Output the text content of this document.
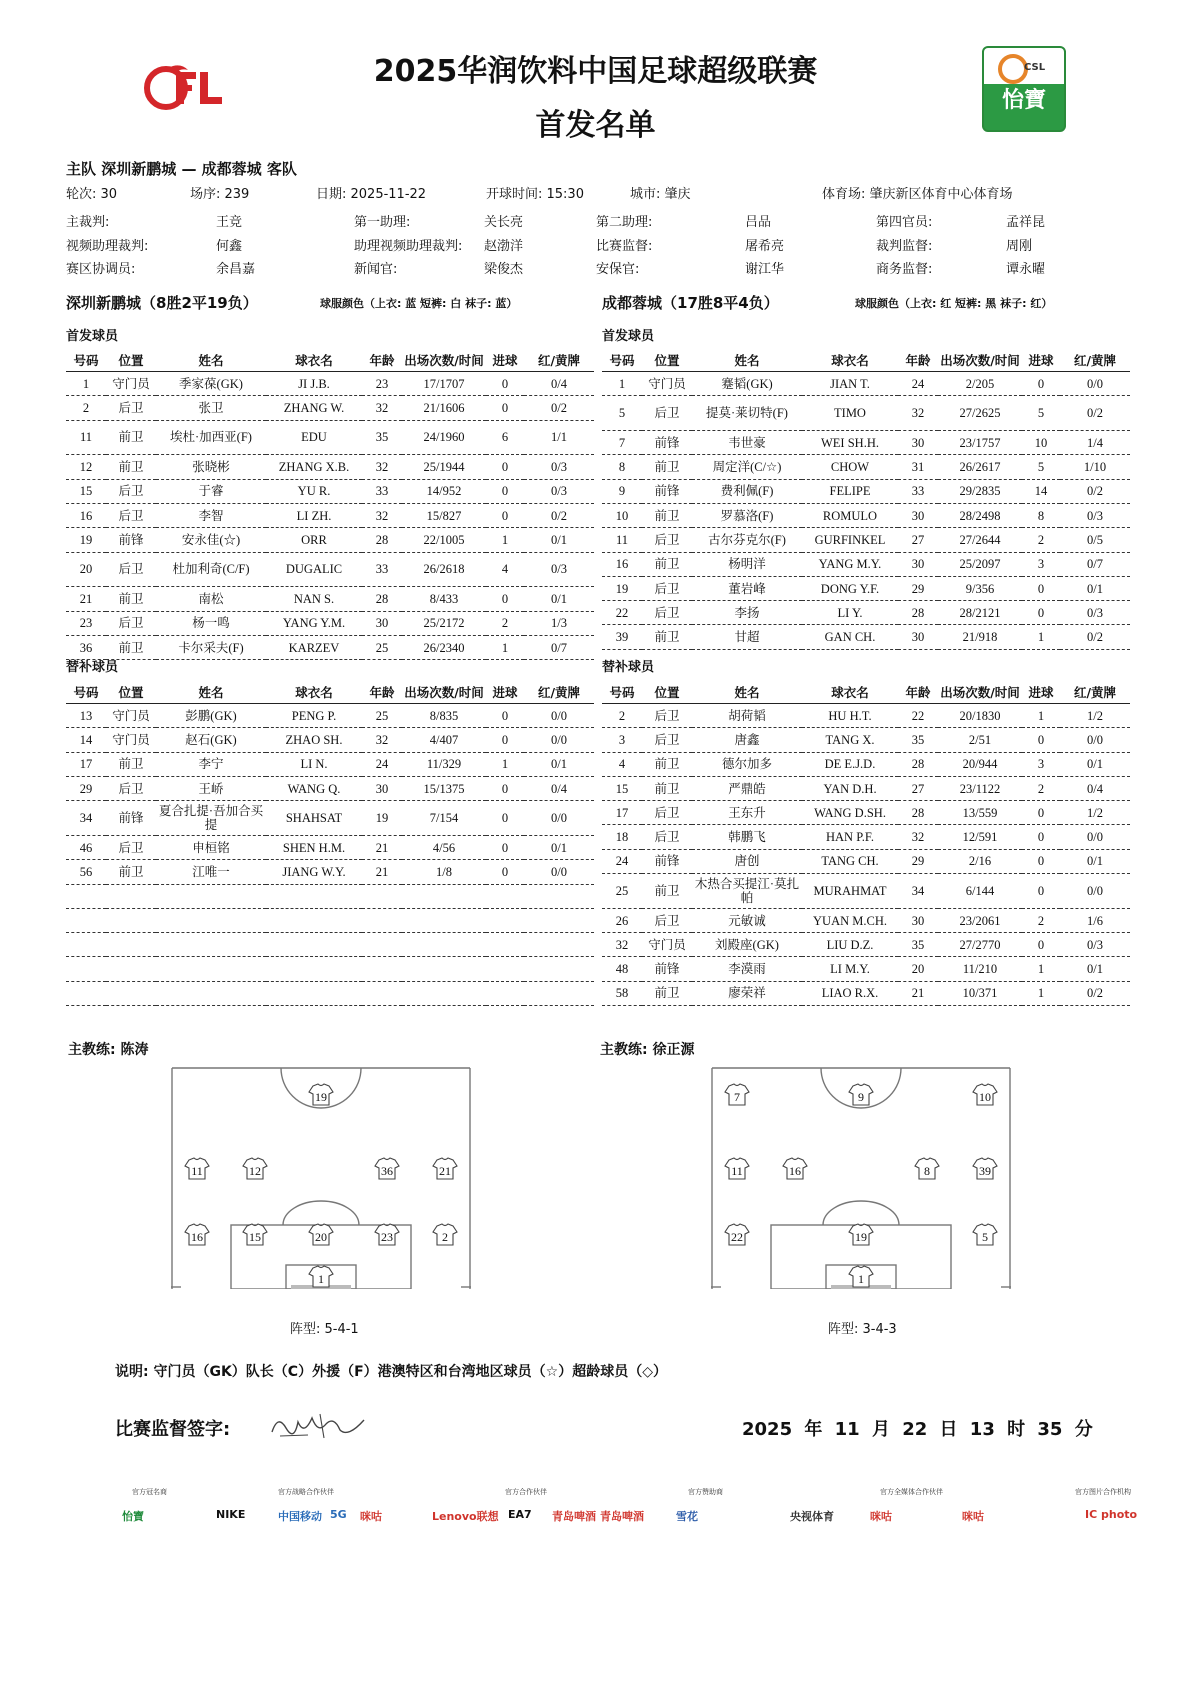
CSL
怡寶
2025华润饮料中国足球超级联赛
首发名单
主队 深圳新鹏城 — 成都蓉城 客队
轮次: 30	场序: 239	日期: 2025-11-22	开球时间: 15:30	城市: 肇庆	体育场: 肇庆新区体育中心体育场
主裁判:	王竞	第一助理:	关长亮	第二助理:	吕品	第四官员:	孟祥昆
视频助理裁判:	何鑫	助理视频助理裁判: 赵渤洋	比赛监督:	屠希亮	裁判监督:	周刚
赛区协调员:	余昌嘉	新闻官:	梁俊杰	安保官:	谢江华	商务监督:	谭永曜
深圳新鹏城（8胜2平19负）	球服颜色（上衣: 蓝 短裤: 白 袜子: 蓝）	成都蓉城（17胜8平4负）	球服颜色（上衣: 红 短裤: 黑 袜子: 红）
首发球员	首发球员
号码	位置	姓名	球衣名	年龄	出场次数/时间	进球	红/黄牌
1	守门员	季家葆(GK)	JI J.B.	23	17/1707	0	0/4
2	后卫	张卫	ZHANG W.	32	21/1606	0	0/2
11	前卫	埃杜·加西亚(F)	EDU	35	24/1960	6	1/1
12	前卫	张晓彬	ZHANG X.B.	32	25/1944	0	0/3
15	后卫	于睿	YU R.	33	14/952	0	0/3
16	后卫	李智	LI ZH.	32	15/827	0	0/2
19	前锋	安永佳(☆)	ORR	28	22/1005	1	0/1
20	后卫	杜加利奇(C/F)	DUGALIC	33	26/2618	4	0/3
21	前卫	南松	NAN S.	28	8/433	0	0/1
23	后卫	杨一鸣	YANG Y.M.	30	25/2172	2	1/3
36	前卫	卡尔采夫(F)	KARZEV	25	26/2340	1	0/7
号码	位置	姓名	球衣名	年龄	出场次数/时间	进球	红/黄牌
1	守门员	蹇韬(GK)	JIAN T.	24	2/205	0	0/0
5	后卫	提莫·莱切特(F)	TIMO	32	27/2625	5	0/2
7	前锋	韦世豪	WEI SH.H.	30	23/1757	10	1/4
8	前卫	周定洋(C/☆)	CHOW	31	26/2617	5	1/10
9	前锋	费利佩(F)	FELIPE	33	29/2835	14	0/2
10	前卫	罗慕洛(F)	ROMULO	30	28/2498	8	0/3
11	后卫	古尔芬克尔(F)	GURFINKEL	27	27/2644	2	0/5
16	前卫	杨明洋	YANG M.Y.	30	25/2097	3	0/7
19	后卫	董岩峰	DONG Y.F.	29	9/356	0	0/1
22	后卫	李扬	LI Y.	28	28/2121	0	0/3
39	前卫	甘超	GAN CH.	30	21/918	1	0/2
替补球员	替补球员
号码	位置	姓名	球衣名	年龄	出场次数/时间	进球	红/黄牌
13	守门员	彭鹏(GK)	PENG P.	25	8/835	0	0/0
14	守门员	赵石(GK)	ZHAO SH.	32	4/407	0	0/0
17	前卫	李宁	LI N.	24	11/329	1	0/1
29	后卫	王峤	WANG Q.	30	15/1375	0	0/4
34	前锋	夏合扎提·吾加合买提	SHAHSAT	19	7/154	0	0/0
46	后卫	申桓铭	SHEN H.M.	21	4/56	0	0/1
56	前卫	江唯一	JIANG W.Y.	21	1/8	0	0/0

号码	位置	姓名	球衣名	年龄	出场次数/时间	进球	红/黄牌
2	后卫	胡荷韬	HU H.T.	22	20/1830	1	1/2
3	后卫	唐鑫	TANG X.	35	2/51	0	0/0
4	前卫	德尔加多	DE E.J.D.	28	20/944	3	0/1
15	前卫	严鼎皓	YAN D.H.	27	23/1122	2	0/4
17	后卫	王东升	WANG D.SH.	28	13/559	0	1/2
18	后卫	韩鹏飞	HAN P.F.	32	12/591	0	0/0
24	前锋	唐创	TANG CH.	29	2/16	0	0/1
25	前卫	木热合买提江·莫扎帕	MURAHMAT	34	6/144	0	0/0
26	后卫	元敏诚	YUAN M.CH.	30	23/2061	2	1/6
32	守门员	刘殿座(GK)	LIU D.Z.	35	27/2770	0	0/3
48	前锋	李漠雨	LI M.Y.	20	11/210	1	0/1
58	前卫	廖荣祥	LIAO R.X.	21	10/371	1	0/2
主教练: 陈涛	主教练: 徐正源
19
11	12	36	21
16	15	20	23	2
1
7	9	10
11	16	8	39
22	19	5
1
阵型: 5-4-1	阵型: 3-4-3
说明: 守门员（GK）队长（C）外援（F）港澳特区和台湾地区球员（☆）超龄球员（◇）
比赛监督签字:	2025 年 11 月 22 日 13 时 35 分
官方冠名商	官方战略合作伙伴	官方合作伙伴	官方赞助商	官方全媒体合作伙伴	官方图片合作机构
怡寶	NIKE	中国移动 5G 咪咕	Lenovo联想 EA7 青岛啤酒 青岛啤酒	雪花	央视体育	咪咕	咪咕	IC photo
